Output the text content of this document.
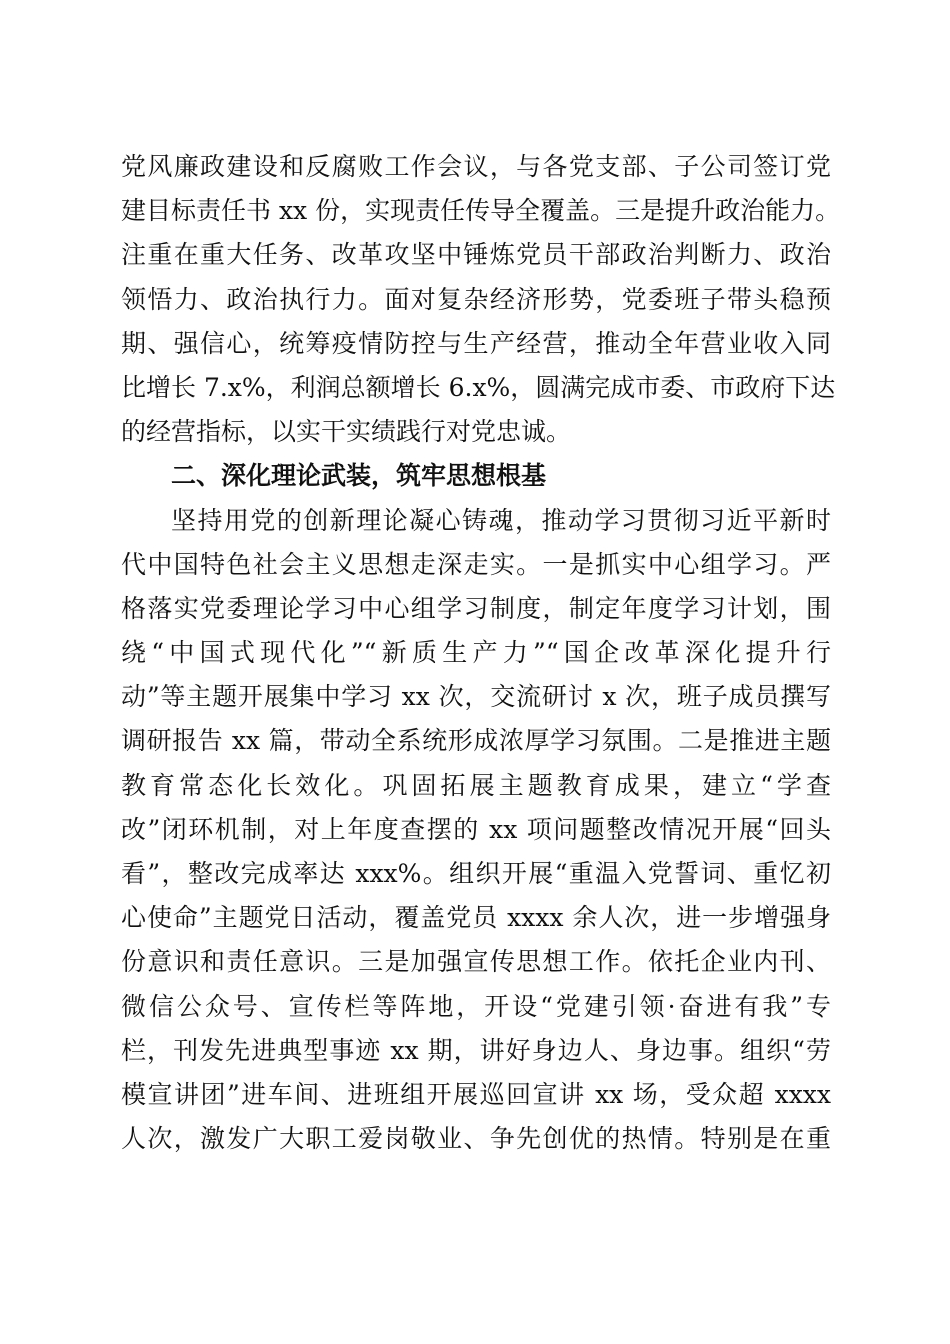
党风廉政建设和反腐败工作会议，与各党支部、子公司签订党
建目标责任书 xx 份，实现责任传导全覆盖。三是提升政治能力。
注重在重大任务、改革攻坚中锤炼党员干部政治判断力、政治
领悟力、政治执行力。面对复杂经济形势，党委班子带头稳预
期、强信心，统筹疫情防控与生产经营，推动全年营业收入同
比增长 7.x%，利润总额增长 6.x%，圆满完成市委、市政府下达
的经营指标，以实干实绩践行对党忠诚。
二、深化理论武装，筑牢思想根基
坚持用党的创新理论凝心铸魂，推动学习贯彻习近平新时
代中国特色社会主义思想走深走实。一是抓实中心组学习。严
格落实党委理论学习中心组学习制度，制定年度学习计划，围
绕“中国式现代化”“新质生产力”“国企改革深化提升行
动”等主题开展集中学习 xx 次，交流研讨 x 次，班子成员撰写
调研报告 xx 篇，带动全系统形成浓厚学习氛围。二是推进主题
教育常态化长效化。巩固拓展主题教育成果，建立“学查
改”闭环机制，对上年度查摆的 xx 项问题整改情况开展“回头
看”，整改完成率达 xxx%。组织开展“重温入党誓词、重忆初
心使命”主题党日活动，覆盖党员 xxxx 余人次，进一步增强身
份意识和责任意识。三是加强宣传思想工作。依托企业内刊、
微信公众号、宣传栏等阵地，开设“党建引领·奋进有我”专
栏，刊发先进典型事迹 xx 期，讲好身边人、身边事。组织“劳
模宣讲团”进车间、进班组开展巡回宣讲 xx 场，受众超 xxxx
人次，激发广大职工爱岗敬业、争先创优的热情。特别是在重
